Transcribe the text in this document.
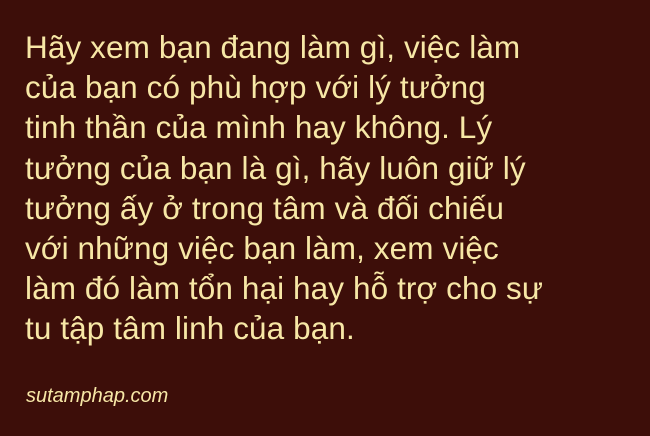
Hãy xem bạn đang làm gì, việc làm
của bạn có phù hợp với lý tưởng
tinh thần của mình hay không. Lý
tưởng của bạn là gì, hãy luôn giữ lý
tưởng ấy ở trong tâm và đối chiếu
với những việc bạn làm, xem việc
làm đó làm tổn hại hay hỗ trợ cho sự
tu tập tâm linh của bạn.

sutamphap.com
